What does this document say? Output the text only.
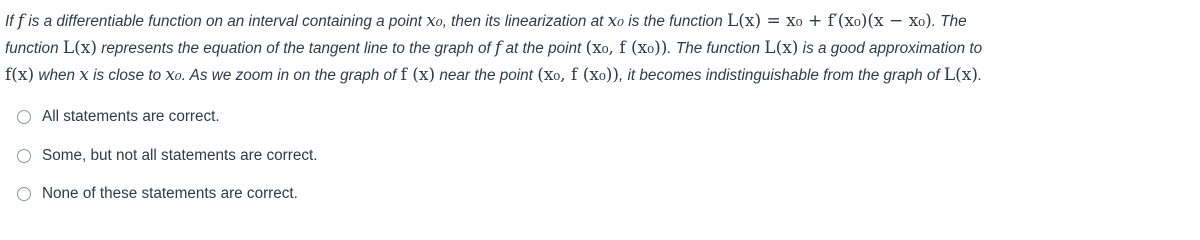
If f is a differentiable function on an interval containing a point x₀, then its linearization at x₀ is the function L(x) = x₀ + f′(x₀)(x − x₀). The
function L(x) represents the equation of the tangent line to the graph of f at the point (x₀, f (x₀)). The function L(x) is a good approximation to
f(x) when x is close to x₀. As we zoom in on the graph of f (x) near the point (x₀, f (x₀)), it becomes indistinguishable from the graph of L(x).
All statements are correct.
Some, but not all statements are correct.
None of these statements are correct.
